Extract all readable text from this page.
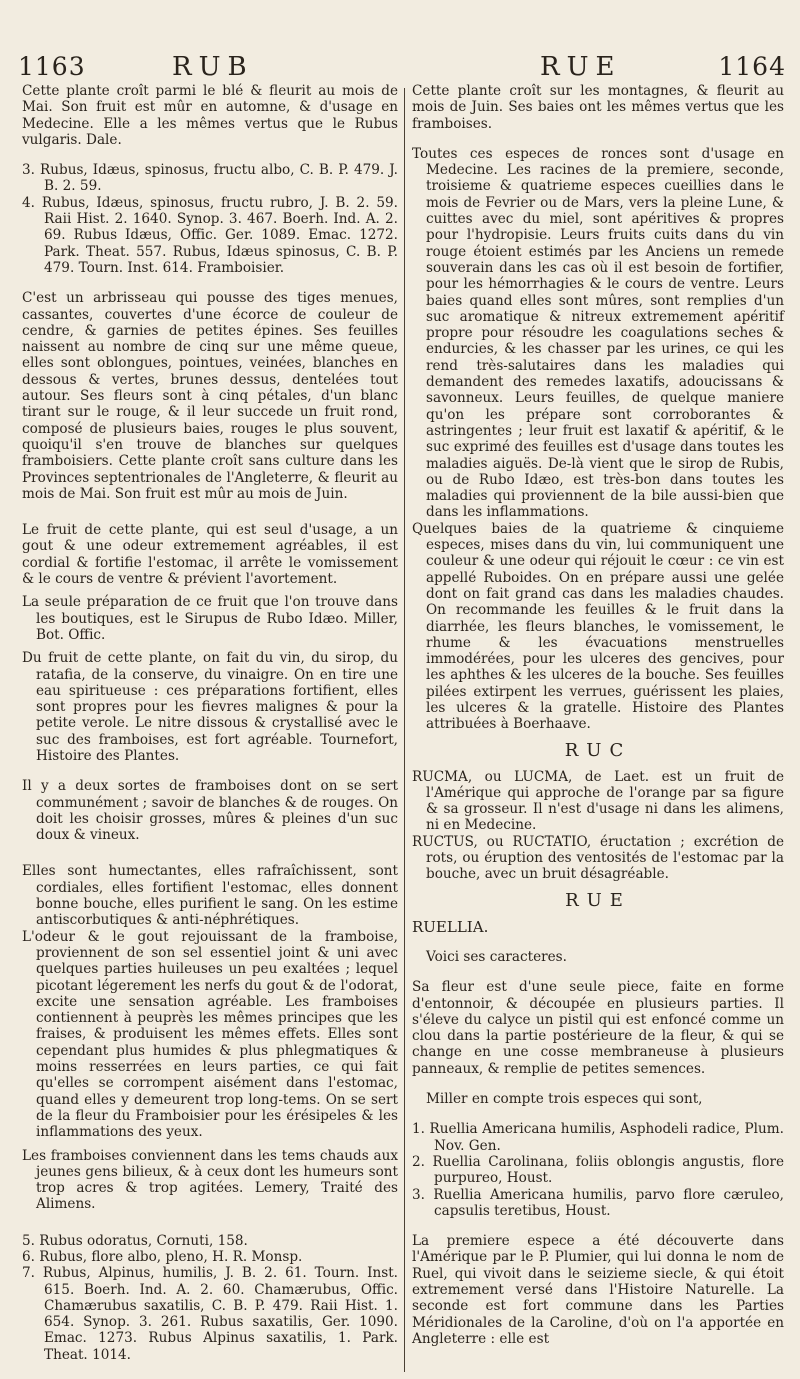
1163	RUB	RUE	1164

Cette plante croît parmi le blé & fleurit au mois de Mai. Son fruit est mûr en automne, & d'usage en Medecine. Elle a les mêmes vertus que le Rubus vulgaris. Dale.

3. Rubus, Idæus, spinosus, fructu albo, C. B. P. 479. J. B. 2. 59.

4. Rubus, Idæus, spinosus, fructu rubro, J. B. 2. 59. Raii Hist. 2. 1640. Synop. 3. 467. Boerh. Ind. A. 2. 69. Rubus Idæus, Offic. Ger. 1089. Emac. 1272. Park. Theat. 557. Rubus, Idæus spinosus, C. B. P. 479. Tourn. Inst. 614. Framboisier.

C'est un arbrisseau qui pousse des tiges menues, cassantes, couvertes d'une écorce de couleur de cendre, & garnies de petites épines. Ses feuilles naissent au nombre de cinq sur une même queue, elles sont oblongues, pointues, veinées, blanches en dessous & vertes, brunes dessus, dentelées tout autour. Ses fleurs sont à cinq pétales, d'un blanc tirant sur le rouge, & il leur succede un fruit rond, composé de plusieurs baies, rouges le plus souvent, quoiqu'il s'en trouve de blanches sur quelques framboisiers. Cette plante croît sans culture dans les Provinces septentrionales de l'Angleterre, & fleurit au mois de Mai. Son fruit est mûr au mois de Juin.

Le fruit de cette plante, qui est seul d'usage, a un gout & une odeur extremement agréables, il est cordial & fortifie l'estomac, il arrête le vomissement & le cours de ventre & prévient l'avortement.

La seule préparation de ce fruit que l'on trouve dans les boutiques, est le Sirupus de Rubo Idæo. Miller, Bot. Offic.

Du fruit de cette plante, on fait du vin, du sirop, du ratafia, de la conserve, du vinaigre. On en tire une eau spiritueuse : ces préparations fortifient, elles sont propres pour les fievres malignes & pour la petite verole. Le nitre dissous & crystallisé avec le suc des framboises, est fort agréable. Tournefort, Histoire des Plantes.

Il y a deux sortes de framboises dont on se sert communément ; savoir de blanches & de rouges. On doit les choisir grosses, mûres & pleines d'un suc doux & vineux.

Elles sont humectantes, elles rafraîchissent, sont cordiales, elles fortifient l'estomac, elles donnent bonne bouche, elles purifient le sang. On les estime antiscorbutiques & anti-néphrétiques.

L'odeur & le gout rejouissant de la framboise, proviennent de son sel essentiel joint & uni avec quelques parties huileuses un peu exaltées ; lequel picotant légerement les nerfs du gout & de l'odorat, excite une sensation agréable. Les framboises contiennent à peuprès les mêmes principes que les fraises, & produisent les mêmes effets. Elles sont cependant plus humides & plus phlegmatiques & moins resserrées en leurs parties, ce qui fait qu'elles se corrompent aisément dans l'estomac, quand elles y demeurent trop long-tems. On se sert de la fleur du Framboisier pour les érésipeles & les inflammations des yeux.

Les framboises conviennent dans les tems chauds aux jeunes gens bilieux, & à ceux dont les humeurs sont trop acres & trop agitées. Lemery, Traité des Alimens.

5. Rubus odoratus, Cornuti, 158.

6. Rubus, flore albo, pleno, H. R. Monsp.

7. Rubus, Alpinus, humilis, J. B. 2. 61. Tourn. Inst. 615. Boerh. Ind. A. 2. 60. Chamærubus, Offic. Chamærubus saxatilis, C. B. P. 479. Raii Hist. 1. 654. Synop. 3. 261. Rubus saxatilis, Ger. 1090. Emac. 1273. Rubus Alpinus saxatilis, 1. Park. Theat. 1014.

Cette plante croît sur les montagnes, & fleurit au mois de Juin. Ses baies ont les mêmes vertus que les framboises.

Toutes ces especes de ronces sont d'usage en Medecine. Les racines de la premiere, seconde, troisieme & quatrieme especes cueillies dans le mois de Fevrier ou de Mars, vers la pleine Lune, & cuittes avec du miel, sont apéritives & propres pour l'hydropisie. Leurs fruits cuits dans du vin rouge étoient estimés par les Anciens un remede souverain dans les cas où il est besoin de fortifier, pour les hémorrhagies & le cours de ventre. Leurs baies quand elles sont mûres, sont remplies d'un suc aromatique & nitreux extremement apéritif propre pour résoudre les coagulations seches & endurcies, & les chasser par les urines, ce qui les rend très-salutaires dans les maladies qui demandent des remedes laxatifs, adoucissans & savonneux. Leurs feuilles, de quelque maniere qu'on les prépare sont corroborantes & astringentes ; leur fruit est laxatif & apéritif, & le suc exprimé des feuilles est d'usage dans toutes les maladies aiguës. De-là vient que le sirop de Rubis, ou de Rubo Idæo, est très-bon dans toutes les maladies qui proviennent de la bile aussi-bien que dans les inflammations.

Quelques baies de la quatrieme & cinquieme especes, mises dans du vin, lui communiquent une couleur & une odeur qui réjouit le cœur : ce vin est appellé Ruboides. On en prépare aussi une gelée dont on fait grand cas dans les maladies chaudes. On recommande les feuilles & le fruit dans la diarrhée, les fleurs blanches, le vomissement, le rhume & les évacuations menstruelles immodérées, pour les ulceres des gencives, pour les aphthes & les ulceres de la bouche. Ses feuilles pilées extirpent les verrues, guérissent les plaies, les ulceres & la gratelle. Histoire des Plantes attribuées à Boerhaave.

RUC

RUCMA, ou LUCMA, de Laet. est un fruit de l'Amérique qui approche de l'orange par sa figure & sa grosseur. Il n'est d'usage ni dans les alimens, ni en Medecine.

RUCTUS, ou RUCTATIO, éructation ; excrétion de rots, ou éruption des ventosités de l'estomac par la bouche, avec un bruit désagréable.

RUE

RUELLIA.

Voici ses caracteres.

Sa fleur est d'une seule piece, faite en forme d'entonnoir, & découpée en plusieurs parties. Il s'éleve du calyce un pistil qui est enfoncé comme un clou dans la partie postérieure de la fleur, & qui se change en une cosse membraneuse à plusieurs panneaux, & remplie de petites semences.

Miller en compte trois especes qui sont,

1. Ruellia Americana humilis, Asphodeli radice, Plum. Nov. Gen.

2. Ruellia Carolinana, foliis oblongis angustis, flore purpureo, Houst.

3. Ruellia Americana humilis, parvo flore cæruleo, capsulis teretibus, Houst.

La premiere espece a été découverte dans l'Amérique par le P. Plumier, qui lui donna le nom de Ruel, qui vivoit dans le seizieme siecle, & qui étoit extremement versé dans l'Histoire Naturelle. La seconde est fort commune dans les Parties Méridionales de la Caroline, d'où on l'a apportée en Angleterre : elle est
